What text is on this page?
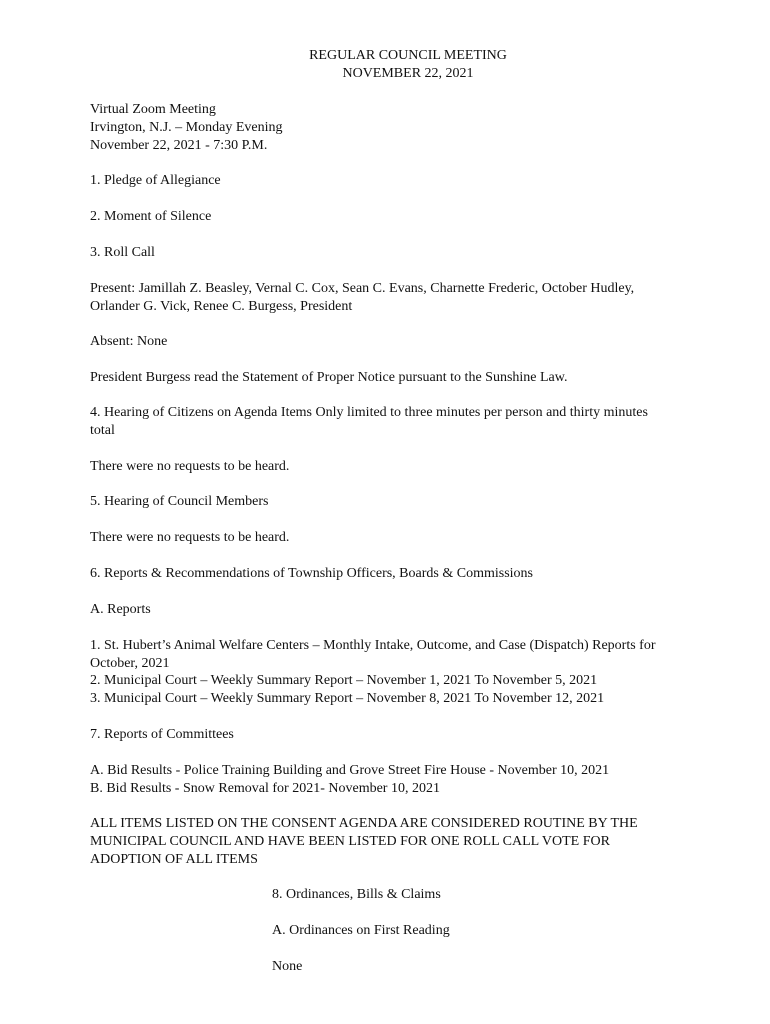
REGULAR COUNCIL MEETING
NOVEMBER 22, 2021
Virtual Zoom Meeting
Irvington, N.J. – Monday Evening
November 22, 2021 - 7:30 P.M.
1. Pledge of Allegiance
2. Moment of Silence
3. Roll Call
Present: Jamillah Z. Beasley, Vernal C. Cox, Sean C. Evans, Charnette Frederic, October Hudley,
Orlander G. Vick, Renee C. Burgess, President
Absent: None
President Burgess read the Statement of Proper Notice pursuant to the Sunshine Law.
4. Hearing of Citizens on Agenda Items Only limited to three minutes per person and thirty minutes
total
There were no requests to be heard.
5. Hearing of Council Members
There were no requests to be heard.
6. Reports & Recommendations of Township Officers, Boards & Commissions
A. Reports
1. St. Hubert’s Animal Welfare Centers – Monthly Intake, Outcome, and Case (Dispatch) Reports for
October, 2021
2. Municipal Court – Weekly Summary Report – November 1, 2021 To November 5, 2021
3. Municipal Court – Weekly Summary Report – November 8, 2021 To November 12, 2021
7. Reports of Committees
A. Bid Results - Police Training Building and Grove Street Fire House - November 10, 2021
B. Bid Results - Snow Removal for 2021- November 10, 2021
ALL ITEMS LISTED ON THE CONSENT AGENDA ARE CONSIDERED ROUTINE BY THE
MUNICIPAL COUNCIL AND HAVE BEEN LISTED FOR ONE ROLL CALL VOTE FOR
ADOPTION OF ALL ITEMS
8. Ordinances, Bills & Claims
A. Ordinances on First Reading
None
